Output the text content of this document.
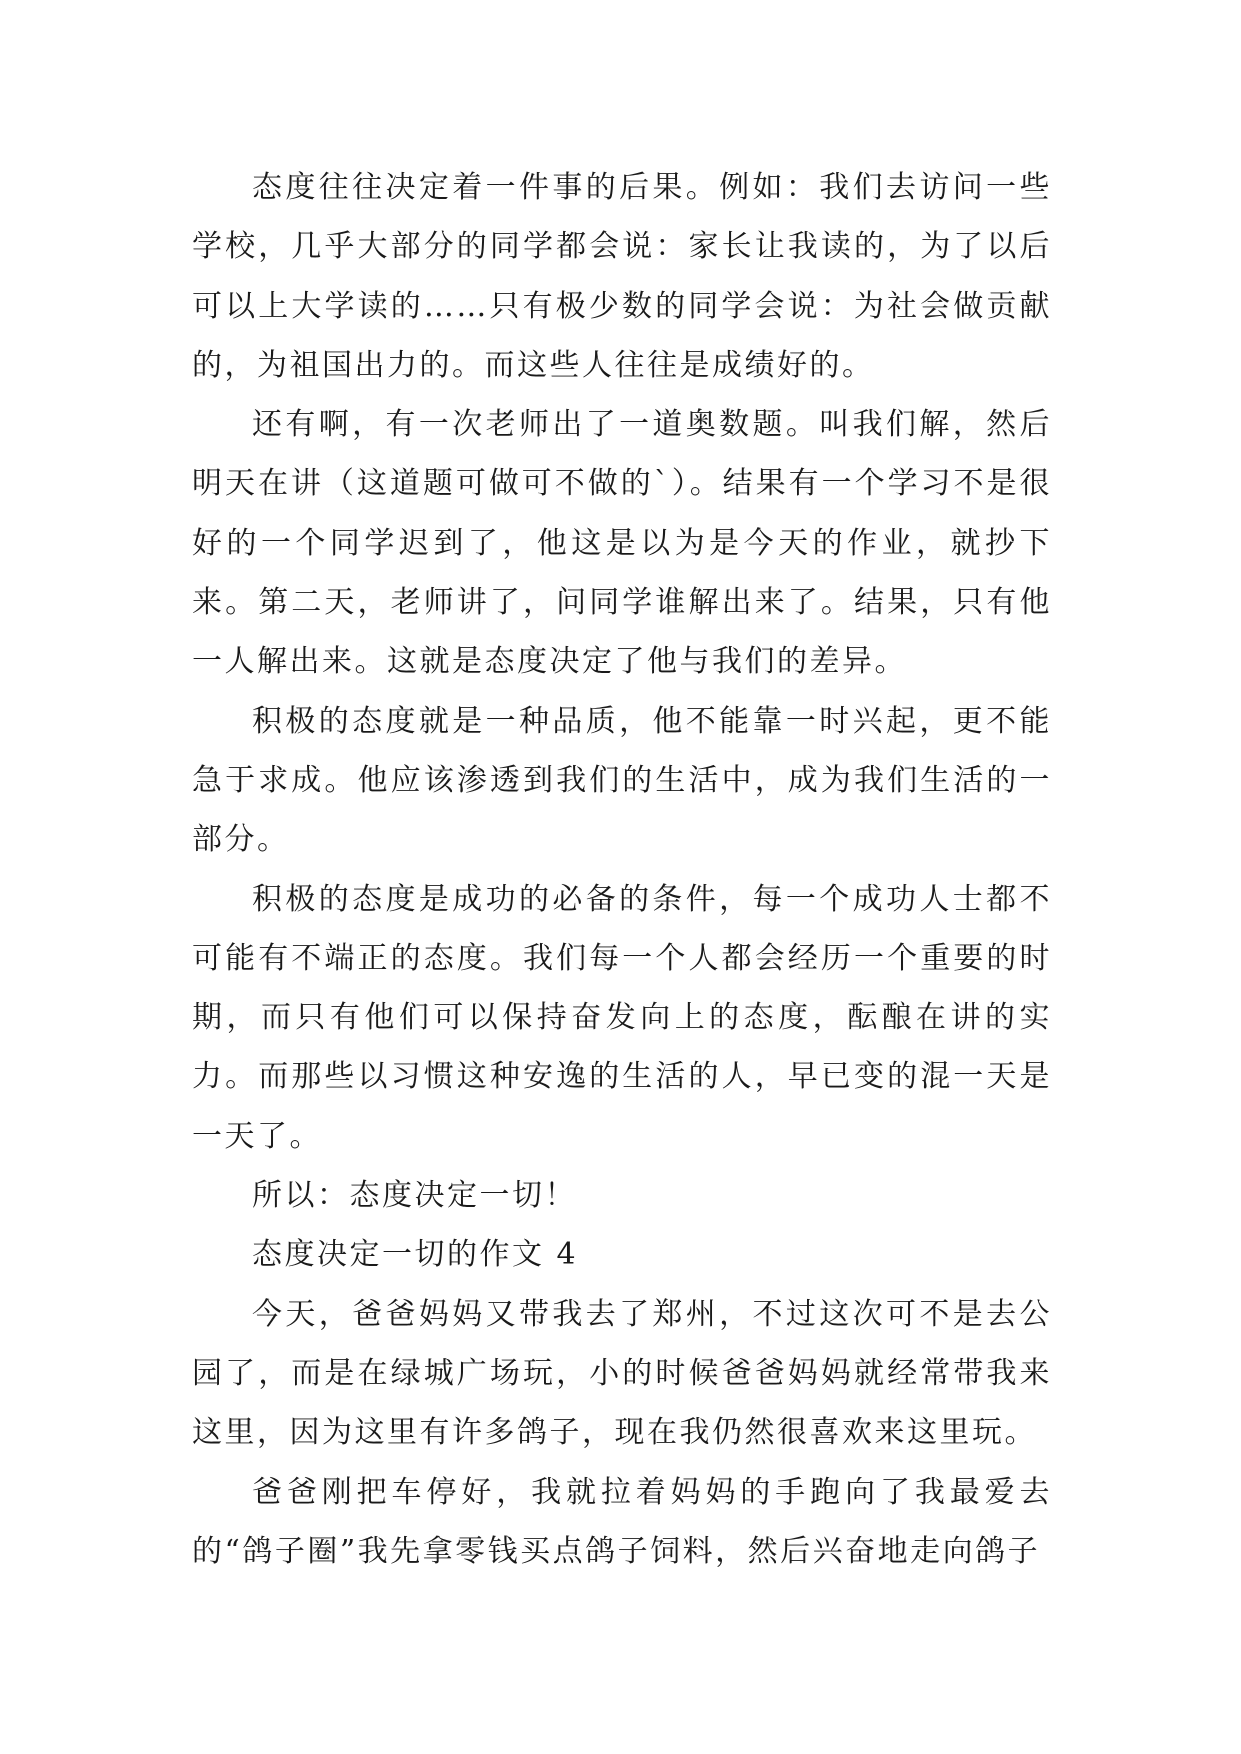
态度往往决定着一件事的后果。例如：我们去访问一些学校，几乎大部分的同学都会说：家长让我读的，为了以后可以上大学读的……只有极少数的同学会说：为社会做贡献的，为祖国出力的。而这些人往往是成绩好的。

还有啊，有一次老师出了一道奥数题。叫我们解，然后明天在讲（这道题可做可不做的`）。结果有一个学习不是很好的一个同学迟到了，他这是以为是今天的作业，就抄下来。第二天，老师讲了，问同学谁解出来了。结果，只有他一人解出来。这就是态度决定了他与我们的差异。

积极的态度就是一种品质，他不能靠一时兴起，更不能急于求成。他应该渗透到我们的生活中，成为我们生活的一部分。

积极的态度是成功的必备的条件，每一个成功人士都不可能有不端正的态度。我们每一个人都会经历一个重要的时期，而只有他们可以保持奋发向上的态度，酝酿在讲的实力。而那些以习惯这种安逸的生活的人，早已变的混一天是一天了。

所以：态度决定一切！

态度决定一切的作文 4

今天，爸爸妈妈又带我去了郑州，不过这次可不是去公园了，而是在绿城广场玩，小的时候爸爸妈妈就经常带我来这里，因为这里有许多鸽子，现在我仍然很喜欢来这里玩。

爸爸刚把车停好，我就拉着妈妈的手跑向了我最爱去的“鸽子圈”我先拿零钱买点鸽子饲料，然后兴奋地走向鸽子
